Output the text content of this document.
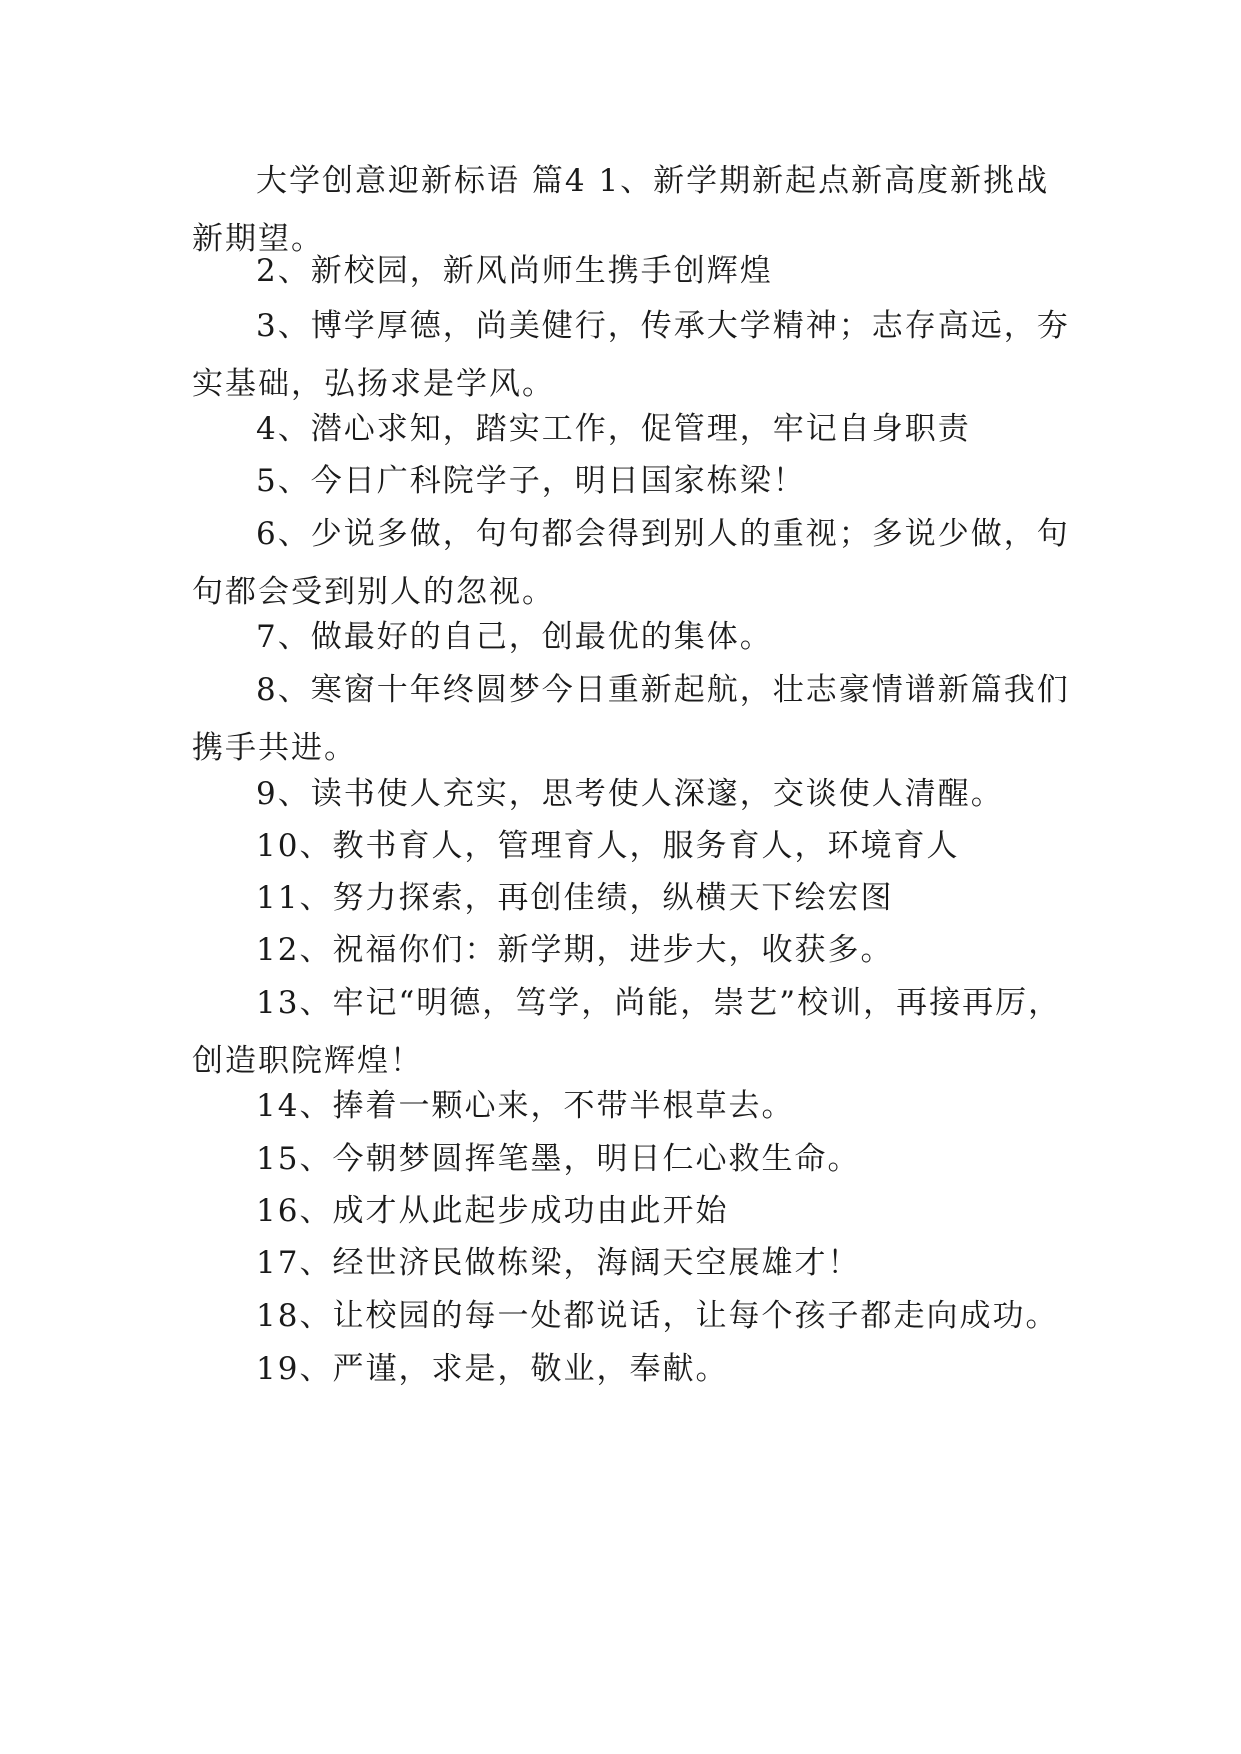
大学创意迎新标语 篇4 1、新学期新起点新高度新挑战新期望。

2、新校园，新风尚师生携手创辉煌

3、博学厚德，尚美健行，传承大学精神；志存高远，夯实基础，弘扬求是学风。

4、潜心求知，踏实工作，促管理，牢记自身职责

5、今日广科院学子，明日国家栋梁！

6、少说多做，句句都会得到别人的重视；多说少做，句句都会受到别人的忽视。

7、做最好的自己，创最优的集体。

8、寒窗十年终圆梦今日重新起航，壮志豪情谱新篇我们携手共进。

9、读书使人充实，思考使人深邃，交谈使人清醒。

10、教书育人，管理育人，服务育人，环境育人

11、努力探索，再创佳绩，纵横天下绘宏图

12、祝福你们：新学期，进步大，收获多。

13、牢记“明德，笃学，尚能，崇艺”校训，再接再厉，创造职院辉煌！

14、捧着一颗心来，不带半根草去。

15、今朝梦圆挥笔墨，明日仁心救生命。

16、成才从此起步成功由此开始

17、经世济民做栋梁，海阔天空展雄才！

18、让校园的每一处都说话，让每个孩子都走向成功。

19、严谨，求是，敬业，奉献。
